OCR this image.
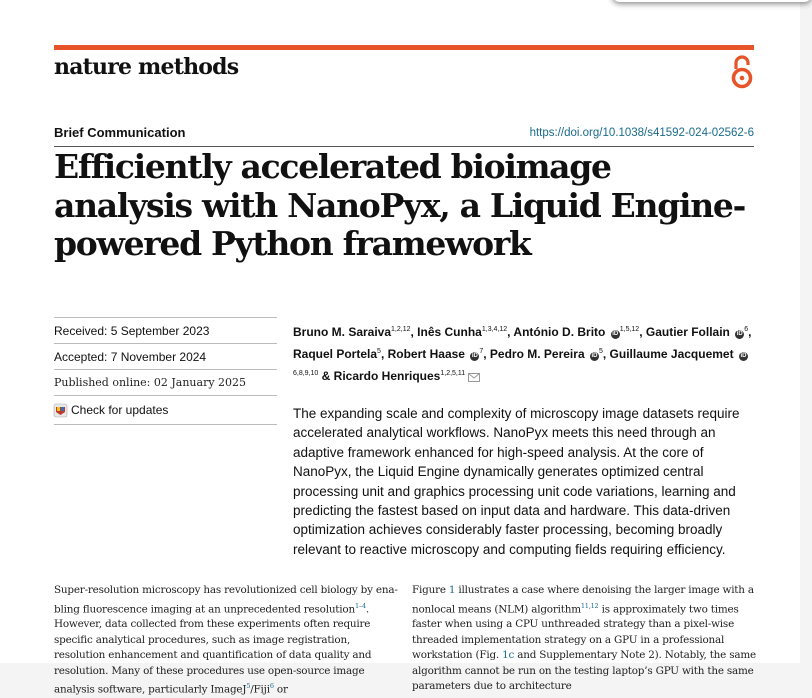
nature methods
Brief Communication	https://doi.org/10.1038/s41592-024-02562-6
Efficiently accelerated bioimage analysis with NanoPyx, a Liquid Engine-powered Python framework
Received: 5 September 2023
Accepted: 7 November 2024
Published online: 02 January 2025
Check for updates

Bruno M. Saraiva$^{1,2,12}$, Inês Cunha$^{1,3,4,12}$, António D. Brito iD$^{1,5,12}$, Gautier Follain $iD^6$, Raquel Portela$^5$, Robert Haase $iD^7$, Pedro M. Pereira $iD^5$, Guillaume Jacquemet iD$^{6,8,9,10}$ & Ricardo Henriques$^{1,2,5,11}$

The expanding scale and complexity of microscopy image datasets require accelerated analytical workflows. NanoPyx meets this need through an adaptive framework enhanced for high-speed analysis. At the core of NanoPyx, the Liquid Engine dynamically generates optimized central processing unit and graphics processing unit code variations, learning and predicting the fastest based on input data and hardware. This data-driven optimization achieves considerably faster processing, becoming broadly relevant to reactive microscopy and computing fields requiring efficiency.

Super-resolution microscopy has revolutionized cell biology by enabling fluorescence imaging at an unprecedented resolution$^{1-4}$. However, data collected from these experiments often require specific analytical procedures, such as image registration, resolution enhancement and quantification of data quality and resolution. Many of these procedures use open-source image analysis software, particularly ImageJ$^5$/Fiji$^6$ or

Figure 1 illustrates a case where denoising the larger image with a nonlocal means (NLM) algorithm$^{11,12}$ is approximately two times faster when using a CPU unthreaded strategy than a pixel-wise threaded implementation strategy on a GPU in a professional workstation (Fig. 1c and Supplementary Note 2). Notably, the same algorithm cannot be run on the testing laptop’s GPU with the same parameters due to architecture
